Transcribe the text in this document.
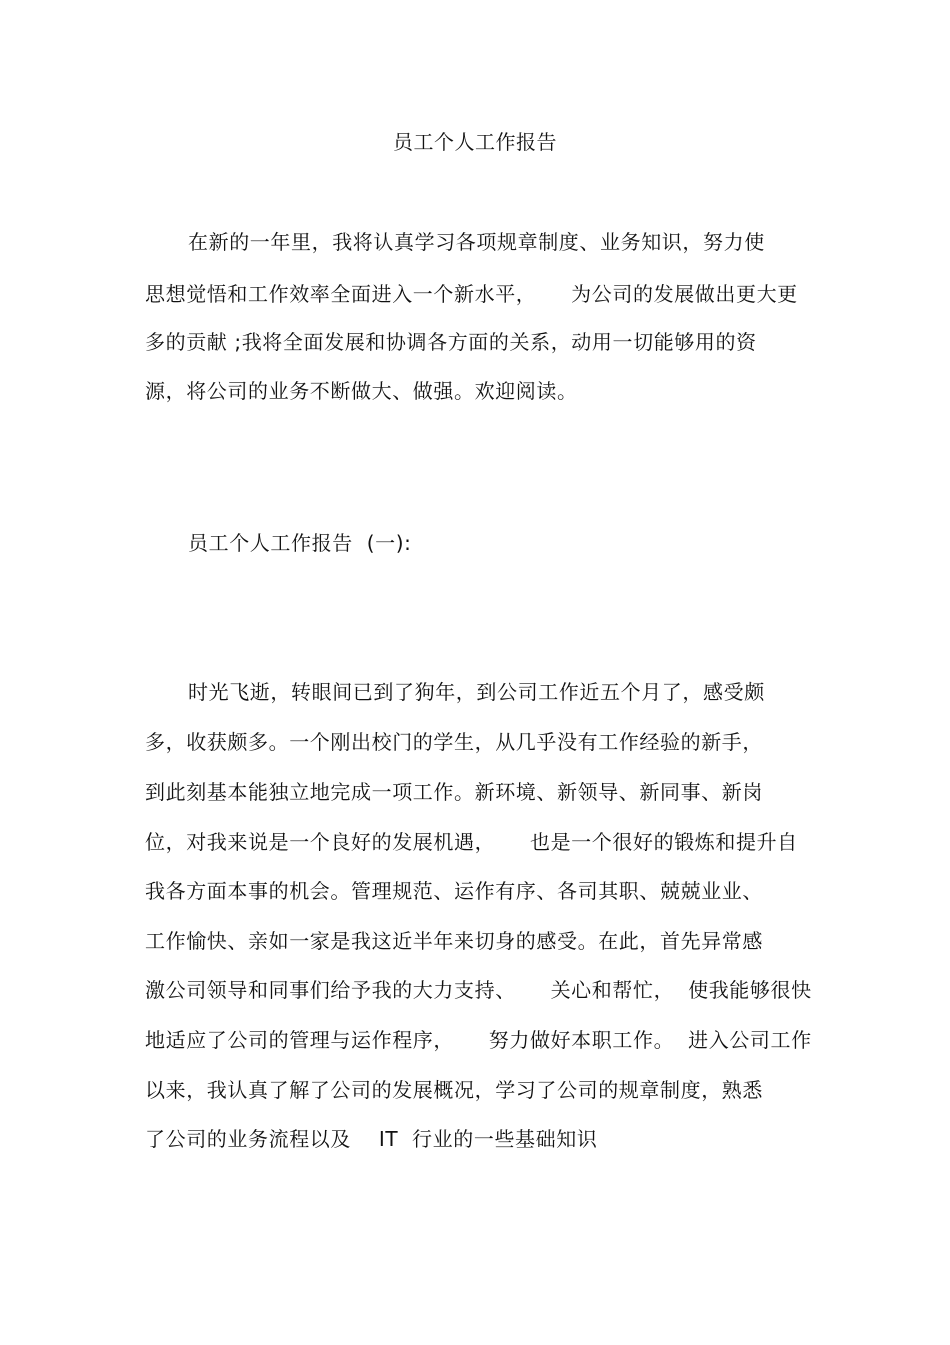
员工个人工作报告
在新的一年里，我将认真学习各项规章制度、业务知识，努力使
思想觉悟和工作效率全面进入一个新水平，     为公司的发展做出更大更
多的贡献 ;我将全面发展和协调各方面的关系，动用一切能够用的资
源，将公司的业务不断做大、做强。欢迎阅读。
员工个人工作报告  (一):
时光飞逝，转眼间已到了狗年，到公司工作近五个月了，感受颇
多，收获颇多。一个刚出校门的学生，从几乎没有工作经验的新手，
到此刻基本能独立地完成一项工作。新环境、新领导、新同事、新岗
位，对我来说是一个良好的发展机遇，     也是一个很好的锻炼和提升自
我各方面本事的机会。管理规范、运作有序、各司其职、兢兢业业、
工作愉快、亲如一家是我这近半年来切身的感受。在此，首先异常感
激公司领导和同事们给予我的大力支持、     关心和帮忙，  使我能够很快
地适应了公司的管理与运作程序，     努力做好本职工作。  进入公司工作
以来，我认真了解了公司的发展概况，学习了公司的规章制度，熟悉
了公司的业务流程以及    IT  行业的一些基础知识
